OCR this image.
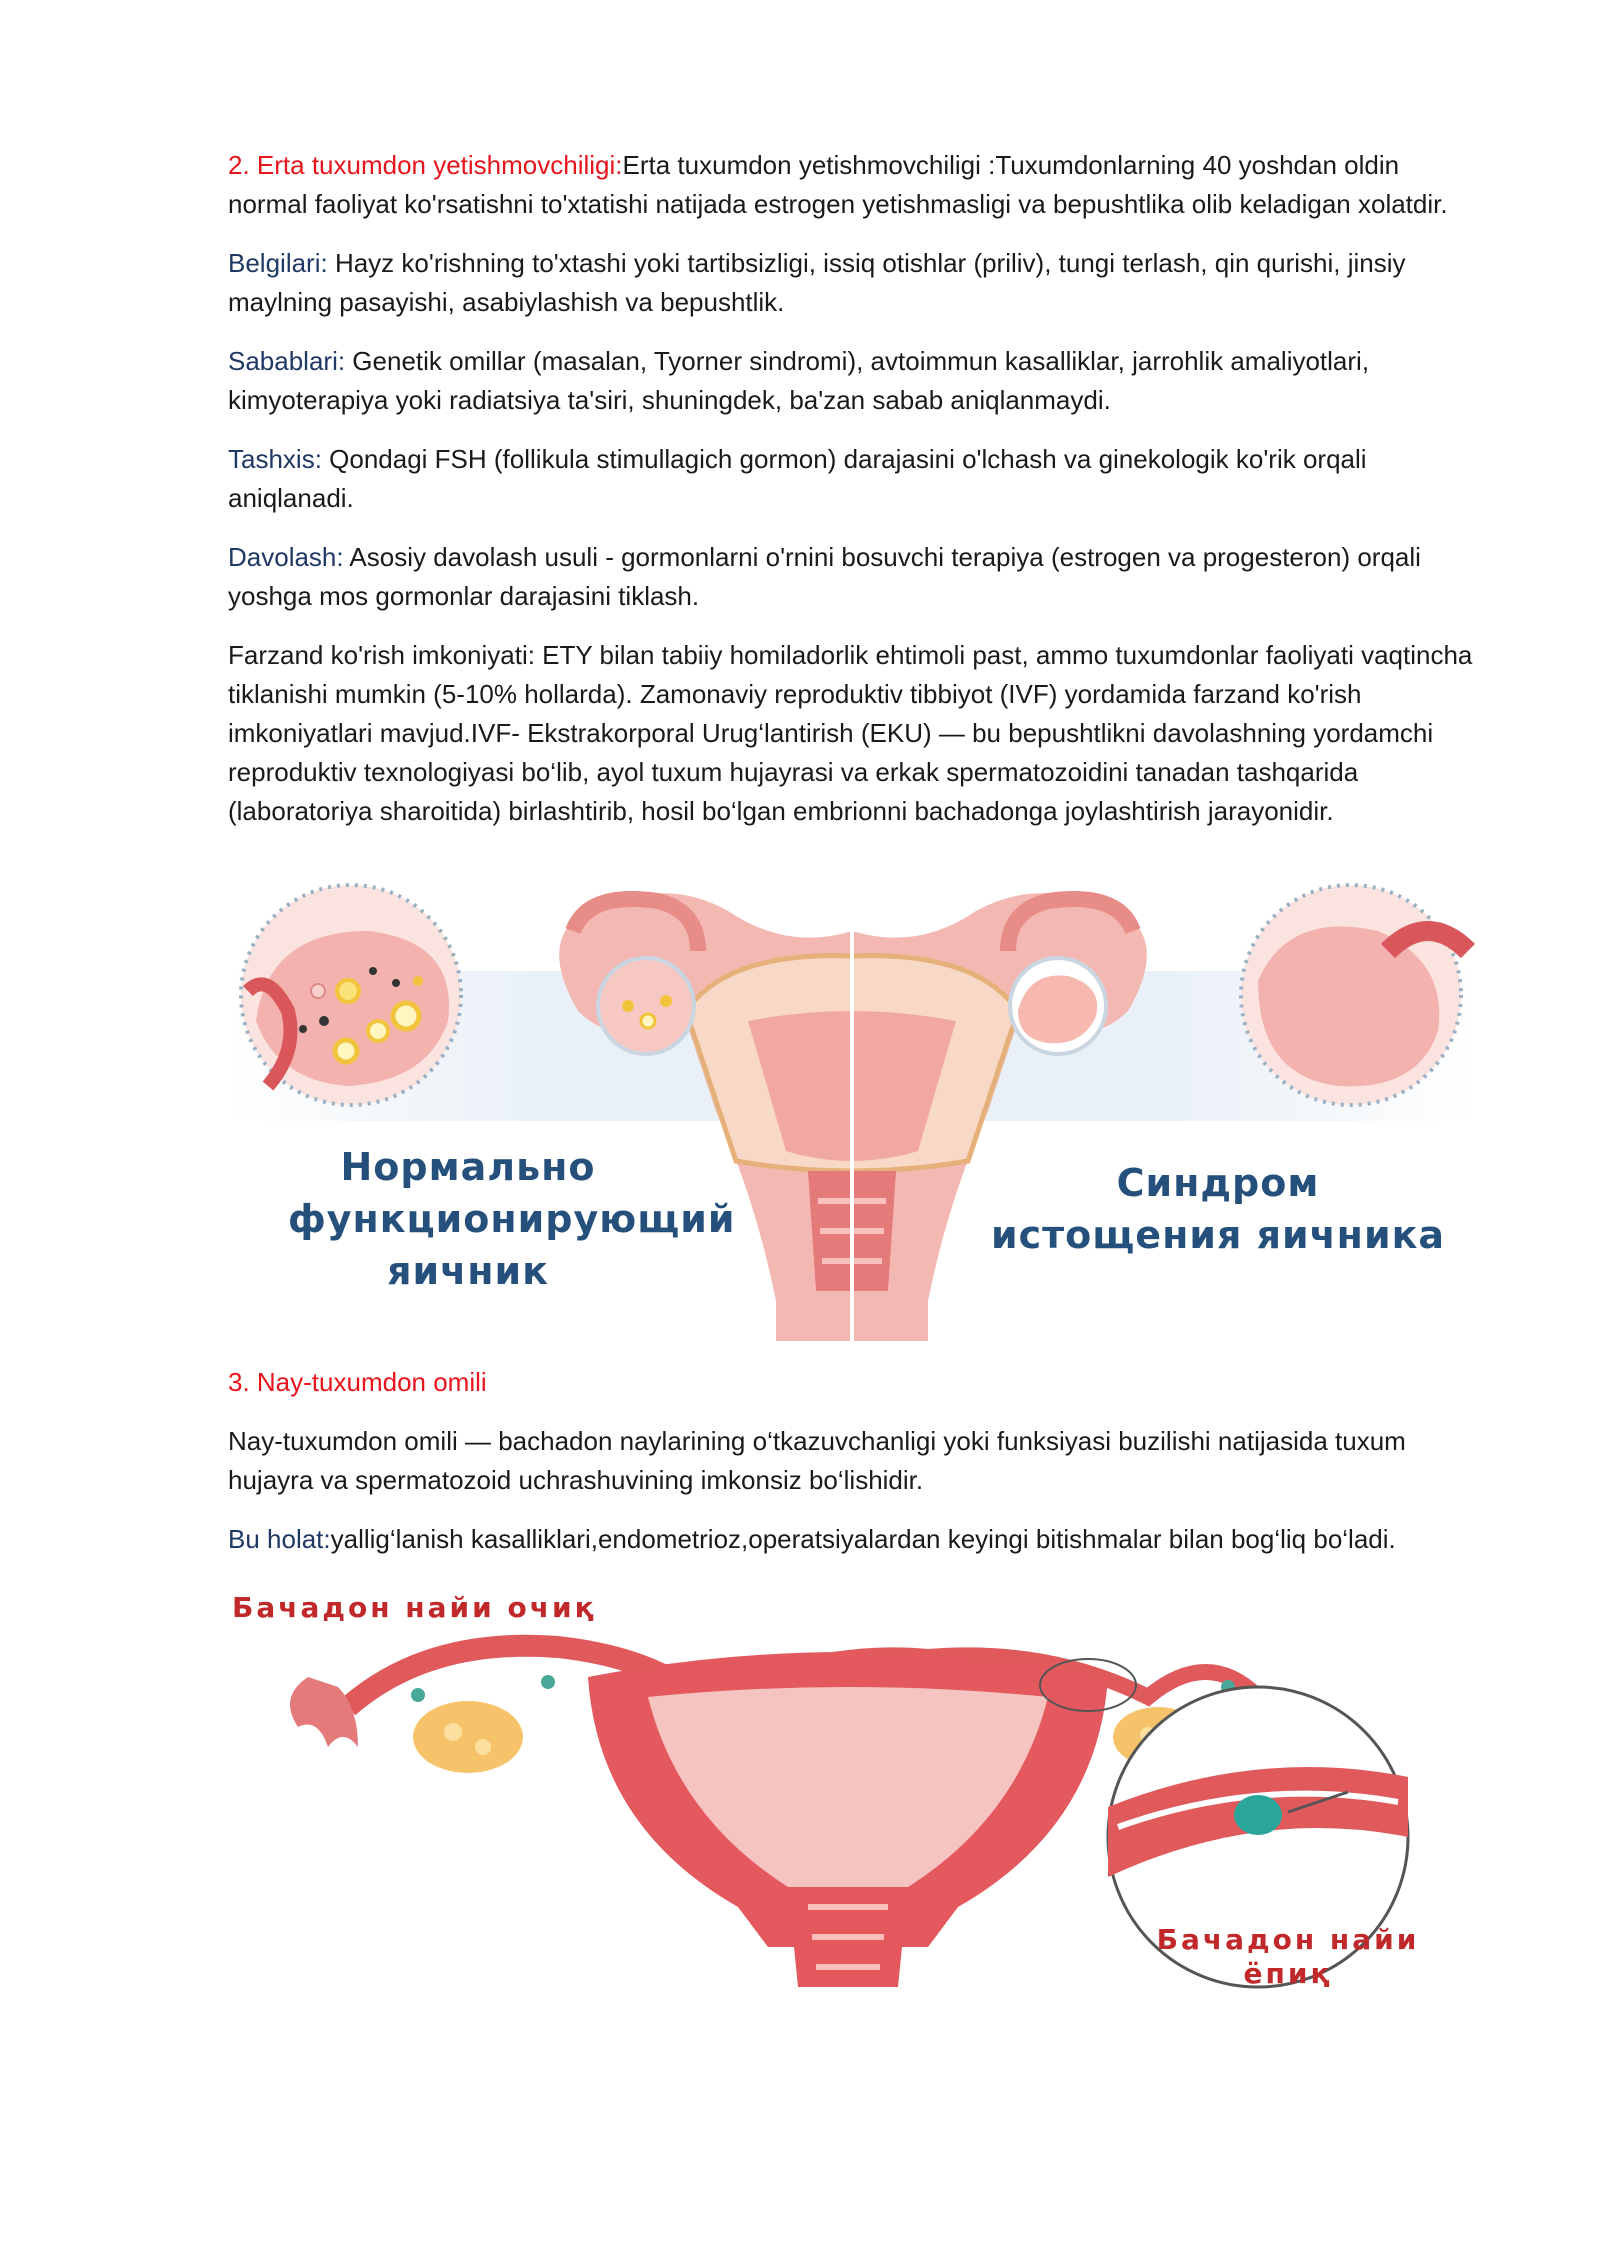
2. Erta tuxumdon yetishmovchiligi:Erta tuxumdon yetishmovchiligi :Tuxumdonlarning 40 yoshdan oldin normal faoliyat ko'rsatishni to'xtatishi natijada estrogen yetishmasligi va bepushtlika olib keladigan xolatdir.

Belgilari: Hayz ko'rishning to'xtashi yoki tartibsizligi, issiq otishlar (priliv), tungi terlash, qin qurishi, jinsiy maylning pasayishi, asabiylashish va bepushtlik.

Sabablari: Genetik omillar (masalan, Tyorner sindromi), avtoimmun kasalliklar, jarrohlik amaliyotlari, kimyoterapiya yoki radiatsiya ta'siri, shuningdek, ba'zan sabab aniqlanmaydi.

Tashxis: Qondagi FSH (follikula stimullagich gormon) darajasini o'lchash va ginekologik ko'rik orqali aniqlanadi.

Davolash: Asosiy davolash usuli - gormonlarni o'rnini bosuvchi terapiya (estrogen va progesteron) orqali yoshga mos gormonlar darajasini tiklash.

Farzand ko'rish imkoniyati: ETY bilan tabiiy homiladorlik ehtimoli past, ammo tuxumdonlar faoliyati vaqtincha tiklanishi mumkin (5-10% hollarda). Zamonaviy reproduktiv tibbiyot (IVF) yordamida farzand ko'rish imkoniyatlari mavjud.IVF- Ekstrakorporal Urug‘lantirish (EKU) — bu bepushtlikni davolashning yordamchi reproduktiv texnologiyasi bo‘lib, ayol tuxum hujayrasi va erkak spermatozoidini tanadan tashqarida (laboratoriya sharoitida) birlashtirib, hosil bo‘lgan embrionni bachadonga joylashtirish jarayonidir.

Нормально
функционирующий
яичник
Синдром
истощения яичника

3. Nay-tuxumdon omili

Nay-tuxumdon omili — bachadon naylarining o‘tkazuvchanligi yoki funksiyasi buzilishi natijasida tuxum hujayra va spermatozoid uchrashuvining imkonsiz bo‘lishidir.

Bu holat:yallig‘lanish kasalliklari,endometrioz,operatsiyalardan keyingi bitishmalar bilan bog‘liq bo‘ladi.

Бачадон найи очиқ
Бачадон найи
ёпиқ
